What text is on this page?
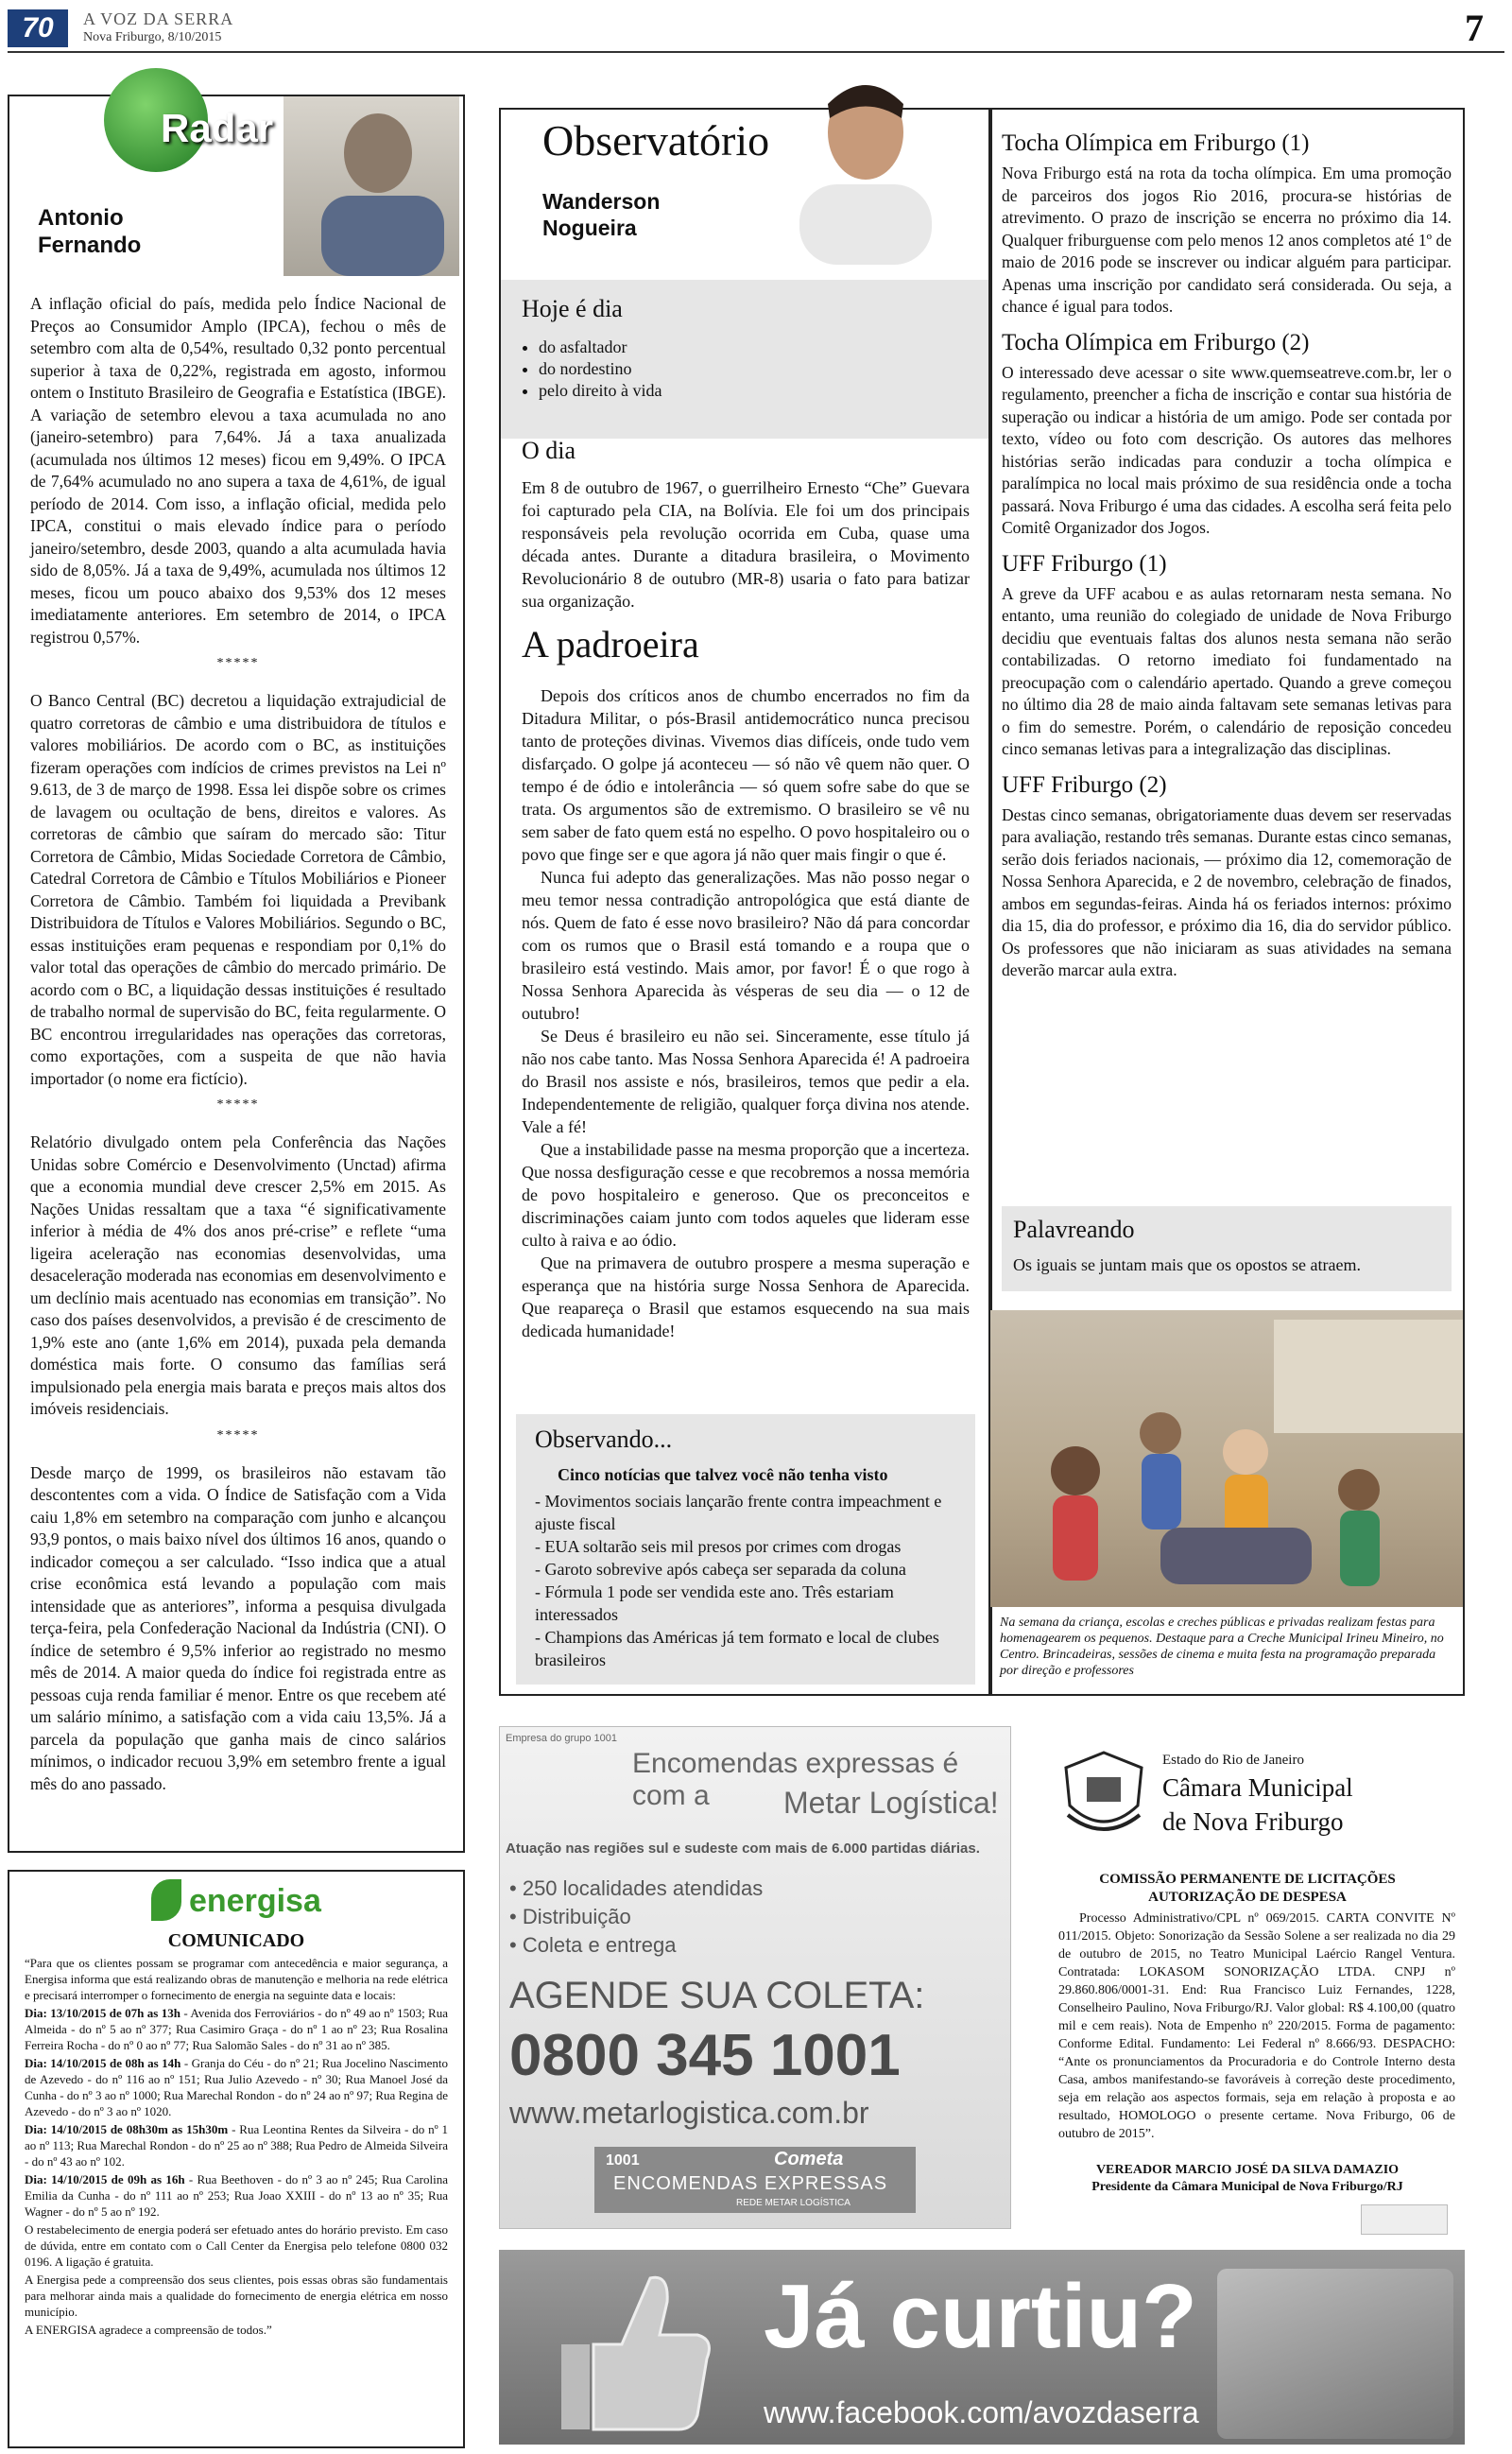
70	A VOZ DA SERRA
Nova Friburgo, 8/10/2015	7
Radar
Antonio
Fernando

A inflação oficial do país, medida pelo Índice Nacional de Preços ao Consumidor Amplo (IPCA), fechou o mês de setembro com alta de 0,54%, resultado 0,32 ponto percentual superior à taxa de 0,22%, registrada em agosto, informou ontem o Instituto Brasileiro de Geografia e Estatística (IBGE). A variação de setembro elevou a taxa acumulada no ano (janeiro-setembro) para 7,64%. Já a taxa anualizada (acumulada nos últimos 12 meses) ficou em 9,49%. O IPCA de 7,64% acumulado no ano supera a taxa de 4,61%, de igual período de 2014. Com isso, a inflação oficial, medida pelo IPCA, constitui o mais elevado índice para o período janeiro/setembro, desde 2003, quando a alta acumulada havia sido de 8,05%. Já a taxa de 9,49%, acumulada nos últimos 12 meses, ficou um pouco abaixo dos 9,53% dos 12 meses imediatamente anteriores. Em setembro de 2014, o IPCA registrou 0,57%.

*****

O Banco Central (BC) decretou a liquidação extrajudicial de quatro corretoras de câmbio e uma distribuidora de títulos e valores mobiliários. De acordo com o BC, as instituições fizeram operações com indícios de crimes previstos na Lei nº 9.613, de 3 de março de 1998. Essa lei dispõe sobre os crimes de lavagem ou ocultação de bens, direitos e valores. As corretoras de câmbio que saíram do mercado são: Titur Corretora de Câmbio, Midas Sociedade Corretora de Câmbio, Catedral Corretora de Câmbio e Títulos Mobiliários e Pioneer Corretora de Câmbio. Também foi liquidada a Previbank Distribuidora de Títulos e Valores Mobiliários. Segundo o BC, essas instituições eram pequenas e respondiam por 0,1% do valor total das operações de câmbio do mercado primário. De acordo com o BC, a liquidação dessas instituições é resultado de trabalho normal de supervisão do BC, feita regularmente. O BC encontrou irregularidades nas operações das corretoras, como exportações, com a suspeita de que não havia importador (o nome era fictício).

*****

Relatório divulgado ontem pela Conferência das Nações Unidas sobre Comércio e Desenvolvimento (Unctad) afirma que a economia mundial deve crescer 2,5% em 2015. As Nações Unidas ressaltam que a taxa “é significativamente inferior à média de 4% dos anos pré-crise” e reflete “uma ligeira aceleração nas economias desenvolvidas, uma desaceleração moderada nas economias em desenvolvimento e um declínio mais acentuado nas economias em transição”. No caso dos países desenvolvidos, a previsão é de crescimento de 1,9% este ano (ante 1,6% em 2014), puxada pela demanda doméstica mais forte. O consumo das famílias será impulsionado pela energia mais barata e preços mais altos dos imóveis residenciais.

*****

Desde março de 1999, os brasileiros não estavam tão descontentes com a vida. O Índice de Satisfação com a Vida caiu 1,8% em setembro na comparação com junho e alcançou 93,9 pontos, o mais baixo nível dos últimos 16 anos, quando o indicador começou a ser calculado. “Isso indica que a atual crise econômica está levando a população com mais intensidade que as anteriores”, informa a pesquisa divulgada terça-feira, pela Confederação Nacional da Indústria (CNI). O índice de setembro é 9,5% inferior ao registrado no mesmo mês de 2014. A maior queda do índice foi registrada entre as pessoas cuja renda familiar é menor. Entre os que recebem até um salário mínimo, a satisfação com a vida caiu 13,5%. Já a parcela da população que ganha mais de cinco salários mínimos, o indicador recuou 3,9% em setembro frente a igual mês do ano passado.

energisa
COMUNICADO

“Para que os clientes possam se programar com antecedência e maior segurança, a Energisa informa que está realizando obras de manutenção e melhoria na rede elétrica e precisará interromper o fornecimento de energia na seguinte data e locais:

Dia: 13/10/2015 de 07h as 13h - Avenida dos Ferroviários - do nº 49 ao nº 1503; Rua Almeida - do nº 5 ao nº 377; Rua Casimiro Graça - do nº 1 ao nº 23; Rua Rosalina Ferreira Rocha - do nº 0 ao nº 77; Rua Salomão Sales - do nº 31 ao nº 385.

Dia: 14/10/2015 de 08h as 14h - Granja do Céu - do nº 21; Rua Jocelino Nascimento de Azevedo - do nº 116 ao nº 151; Rua Julio Azevedo - nº 30; Rua Manoel José da Cunha - do nº 3 ao nº 1000; Rua Marechal Rondon - do nº 24 ao nº 97; Rua Regina de Azevedo - do nº 3 ao nº 1020.

Dia: 14/10/2015 de 08h30m as 15h30m - Rua Leontina Rentes da Silveira - do nº 1 ao nº 113; Rua Marechal Rondon - do nº 25 ao nº 388; Rua Pedro de Almeida Silveira - do nº 43 ao nº 102.

Dia: 14/10/2015 de 09h as 16h - Rua Beethoven - do nº 3 ao nº 245; Rua Carolina Emilia da Cunha - do nº 111 ao nº 253; Rua Joao XXIII - do nº 13 ao nº 35; Rua Wagner - do nº 5 ao nº 192.

O restabelecimento de energia poderá ser efetuado antes do horário previsto. Em caso de dúvida, entre em contato com o Call Center da Energisa pelo telefone 0800 032 0196. A ligação é gratuita.

A Energisa pede a compreensão dos seus clientes, pois essas obras são fundamentais para melhorar ainda mais a qualidade do fornecimento de energia elétrica em nosso município.

A ENERGISA agradece a compreensão de todos.”

Observatório
Wanderson
Nogueira
Hoje é dia
• do asfaltador
• do nordestino
• pelo direito à vida
O dia

Em 8 de outubro de 1967, o guerrilheiro Ernesto “Che” Guevara foi capturado pela CIA, na Bolívia. Ele foi um dos principais responsáveis pela revolução ocorrida em Cuba, quase uma década antes. Durante a ditadura brasileira, o Movimento Revolucionário 8 de outubro (MR-8) usaria o fato para batizar sua organização.

A padroeira

Depois dos críticos anos de chumbo encerrados no fim da Ditadura Militar, o pós-Brasil antidemocrático nunca precisou tanto de proteções divinas. Vivemos dias difíceis, onde tudo vem disfarçado. O golpe já aconteceu — só não vê quem não quer. O tempo é de ódio e intolerância — só quem sofre sabe do que se trata. Os argumentos são de extremismo. O brasileiro se vê nu sem saber de fato quem está no espelho. O povo hospitaleiro ou o povo que finge ser e que agora já não quer mais fingir o que é.

Nunca fui adepto das generalizações. Mas não posso negar o meu temor nessa contradição antropológica que está diante de nós. Quem de fato é esse novo brasileiro? Não dá para concordar com os rumos que o Brasil está tomando e a roupa que o brasileiro está vestindo. Mais amor, por favor! É o que rogo à Nossa Senhora Aparecida às vésperas de seu dia — o 12 de outubro!

Se Deus é brasileiro eu não sei. Sinceramente, esse título já não nos cabe tanto. Mas Nossa Senhora Aparecida é! A padroeira do Brasil nos assiste e nós, brasileiros, temos que pedir a ela. Independentemente de religião, qualquer força divina nos atende. Vale a fé!

Que a instabilidade passe na mesma proporção que a incerteza. Que nossa desfiguração cesse e que recobremos a nossa memória de povo hospitaleiro e generoso. Que os preconceitos e discriminações caiam junto com todos aqueles que lideram esse culto à raiva e ao ódio.

Que na primavera de outubro prospere a mesma superação e esperança que na história surge Nossa Senhora de Aparecida. Que reapareça o Brasil que estamos esquecendo na sua mais dedicada humanidade!

Observando...
Cinco notícias que talvez você não tenha visto

- Movimentos sociais lançarão frente contra impeachment e ajuste fiscal

- EUA soltarão seis mil presos por crimes com drogas

- Garoto sobrevive após cabeça ser separada da coluna

- Fórmula 1 pode ser vendida este ano. Três estariam interessados

- Champions das Américas já tem formato e local de clubes brasileiros

Tocha Olímpica em Friburgo (1)

Nova Friburgo está na rota da tocha olímpica. Em uma promoção de parceiros dos jogos Rio 2016, procura-se histórias de atrevimento. O prazo de inscrição se encerra no próximo dia 14. Qualquer friburguense com pelo menos 12 anos completos até 1º de maio de 2016 pode se inscrever ou indicar alguém para participar. Apenas uma inscrição por candidato será considerada. Ou seja, a chance é igual para todos.

Tocha Olímpica em Friburgo (2)

O interessado deve acessar o site www.quemseatreve.com.br, ler o regulamento, preencher a ficha de inscrição e contar sua história de superação ou indicar a história de um amigo. Pode ser contada por texto, vídeo ou foto com descrição. Os autores das melhores histórias serão indicadas para conduzir a tocha olímpica e paralímpica no local mais próximo de sua residência onde a tocha passará. Nova Friburgo é uma das cidades. A escolha será feita pelo Comitê Organizador dos Jogos.

UFF Friburgo (1)

A greve da UFF acabou e as aulas retornaram nesta semana. No entanto, uma reunião do colegiado de unidade de Nova Friburgo decidiu que eventuais faltas dos alunos nesta semana não serão contabilizadas. O retorno imediato foi fundamentado na preocupação com o calendário apertado. Quando a greve começou no último dia 28 de maio ainda faltavam sete semanas letivas para o fim do semestre. Porém, o calendário de reposição concedeu cinco semanas letivas para a integralização das disciplinas.

UFF Friburgo (2)

Destas cinco semanas, obrigatoriamente duas devem ser reservadas para avaliação, restando três semanas. Durante estas cinco semanas, serão dois feriados nacionais, — próximo dia 12, comemoração de Nossa Senhora Aparecida, e 2 de novembro, celebração de finados, ambos em segundas-feiras. Ainda há os feriados internos: próximo dia 15, dia do professor, e próximo dia 16, dia do servidor público. Os professores que não iniciaram as suas atividades na semana deverão marcar aula extra.

Palavreando
Os iguais se juntam mais que os opostos se atraem.

Na semana da criança, escolas e creches públicas e privadas realizam festas para homenagearem os pequenos. Destaque para a Creche Municipal Irineu Mineiro, no Centro. Brincadeiras, sessões de cinema e muita festa na programação preparada por direção e professores

Empresa do grupo 1001
Encomendas expressas é com a	Metar Logística!
Atuação nas regiões sul e sudeste com mais de 6.000 partidas diárias.
• 250 localidades atendidas
• Distribuição
• Coleta e entrega
AGENDE SUA COLETA:
0800 345 1001
www.metarlogistica.com.br
1001	Cometa
ENCOMENDAS EXPRESSAS
REDE METAR LOGÍSTICA
Estado do Rio de Janeiro
Câmara Municipal
de Nova Friburgo
COMISSÃO PERMANENTE DE LICITAÇÕES
AUTORIZAÇÃO DE DESPESA

Processo Administrativo/CPL nº 069/2015. CARTA CONVITE Nº 011/2015. Objeto: Sonorização da Sessão Solene a ser realizada no dia 29 de outubro de 2015, no Teatro Municipal Laércio Rangel Ventura. Contratada: LOKASOM SONORIZAÇÃO LTDA. CNPJ nº 29.860.806/0001-31. End: Rua Francisco Luiz Fernandes, 1228, Conselheiro Paulino, Nova Friburgo/RJ. Valor global: R$ 4.100,00 (quatro mil e cem reais). Nota de Empenho nº 220/2015. Forma de pagamento: Conforme Edital. Fundamento: Lei Federal nº 8.666/93. DESPACHO: “Ante os pronunciamentos da Procuradoria e do Controle Interno desta Casa, ambos manifestando-se favoráveis à correção deste procedimento, seja em relação aos aspectos formais, seja em relação à proposta e ao resultado, HOMOLOGO o presente certame. Nova Friburgo, 06 de outubro de 2015”.

VEREADOR MARCIO JOSÉ DA SILVA DAMAZIO
Presidente da Câmara Municipal de Nova Friburgo/RJ
Já curtiu?
www.facebook.com/avozdaserra
